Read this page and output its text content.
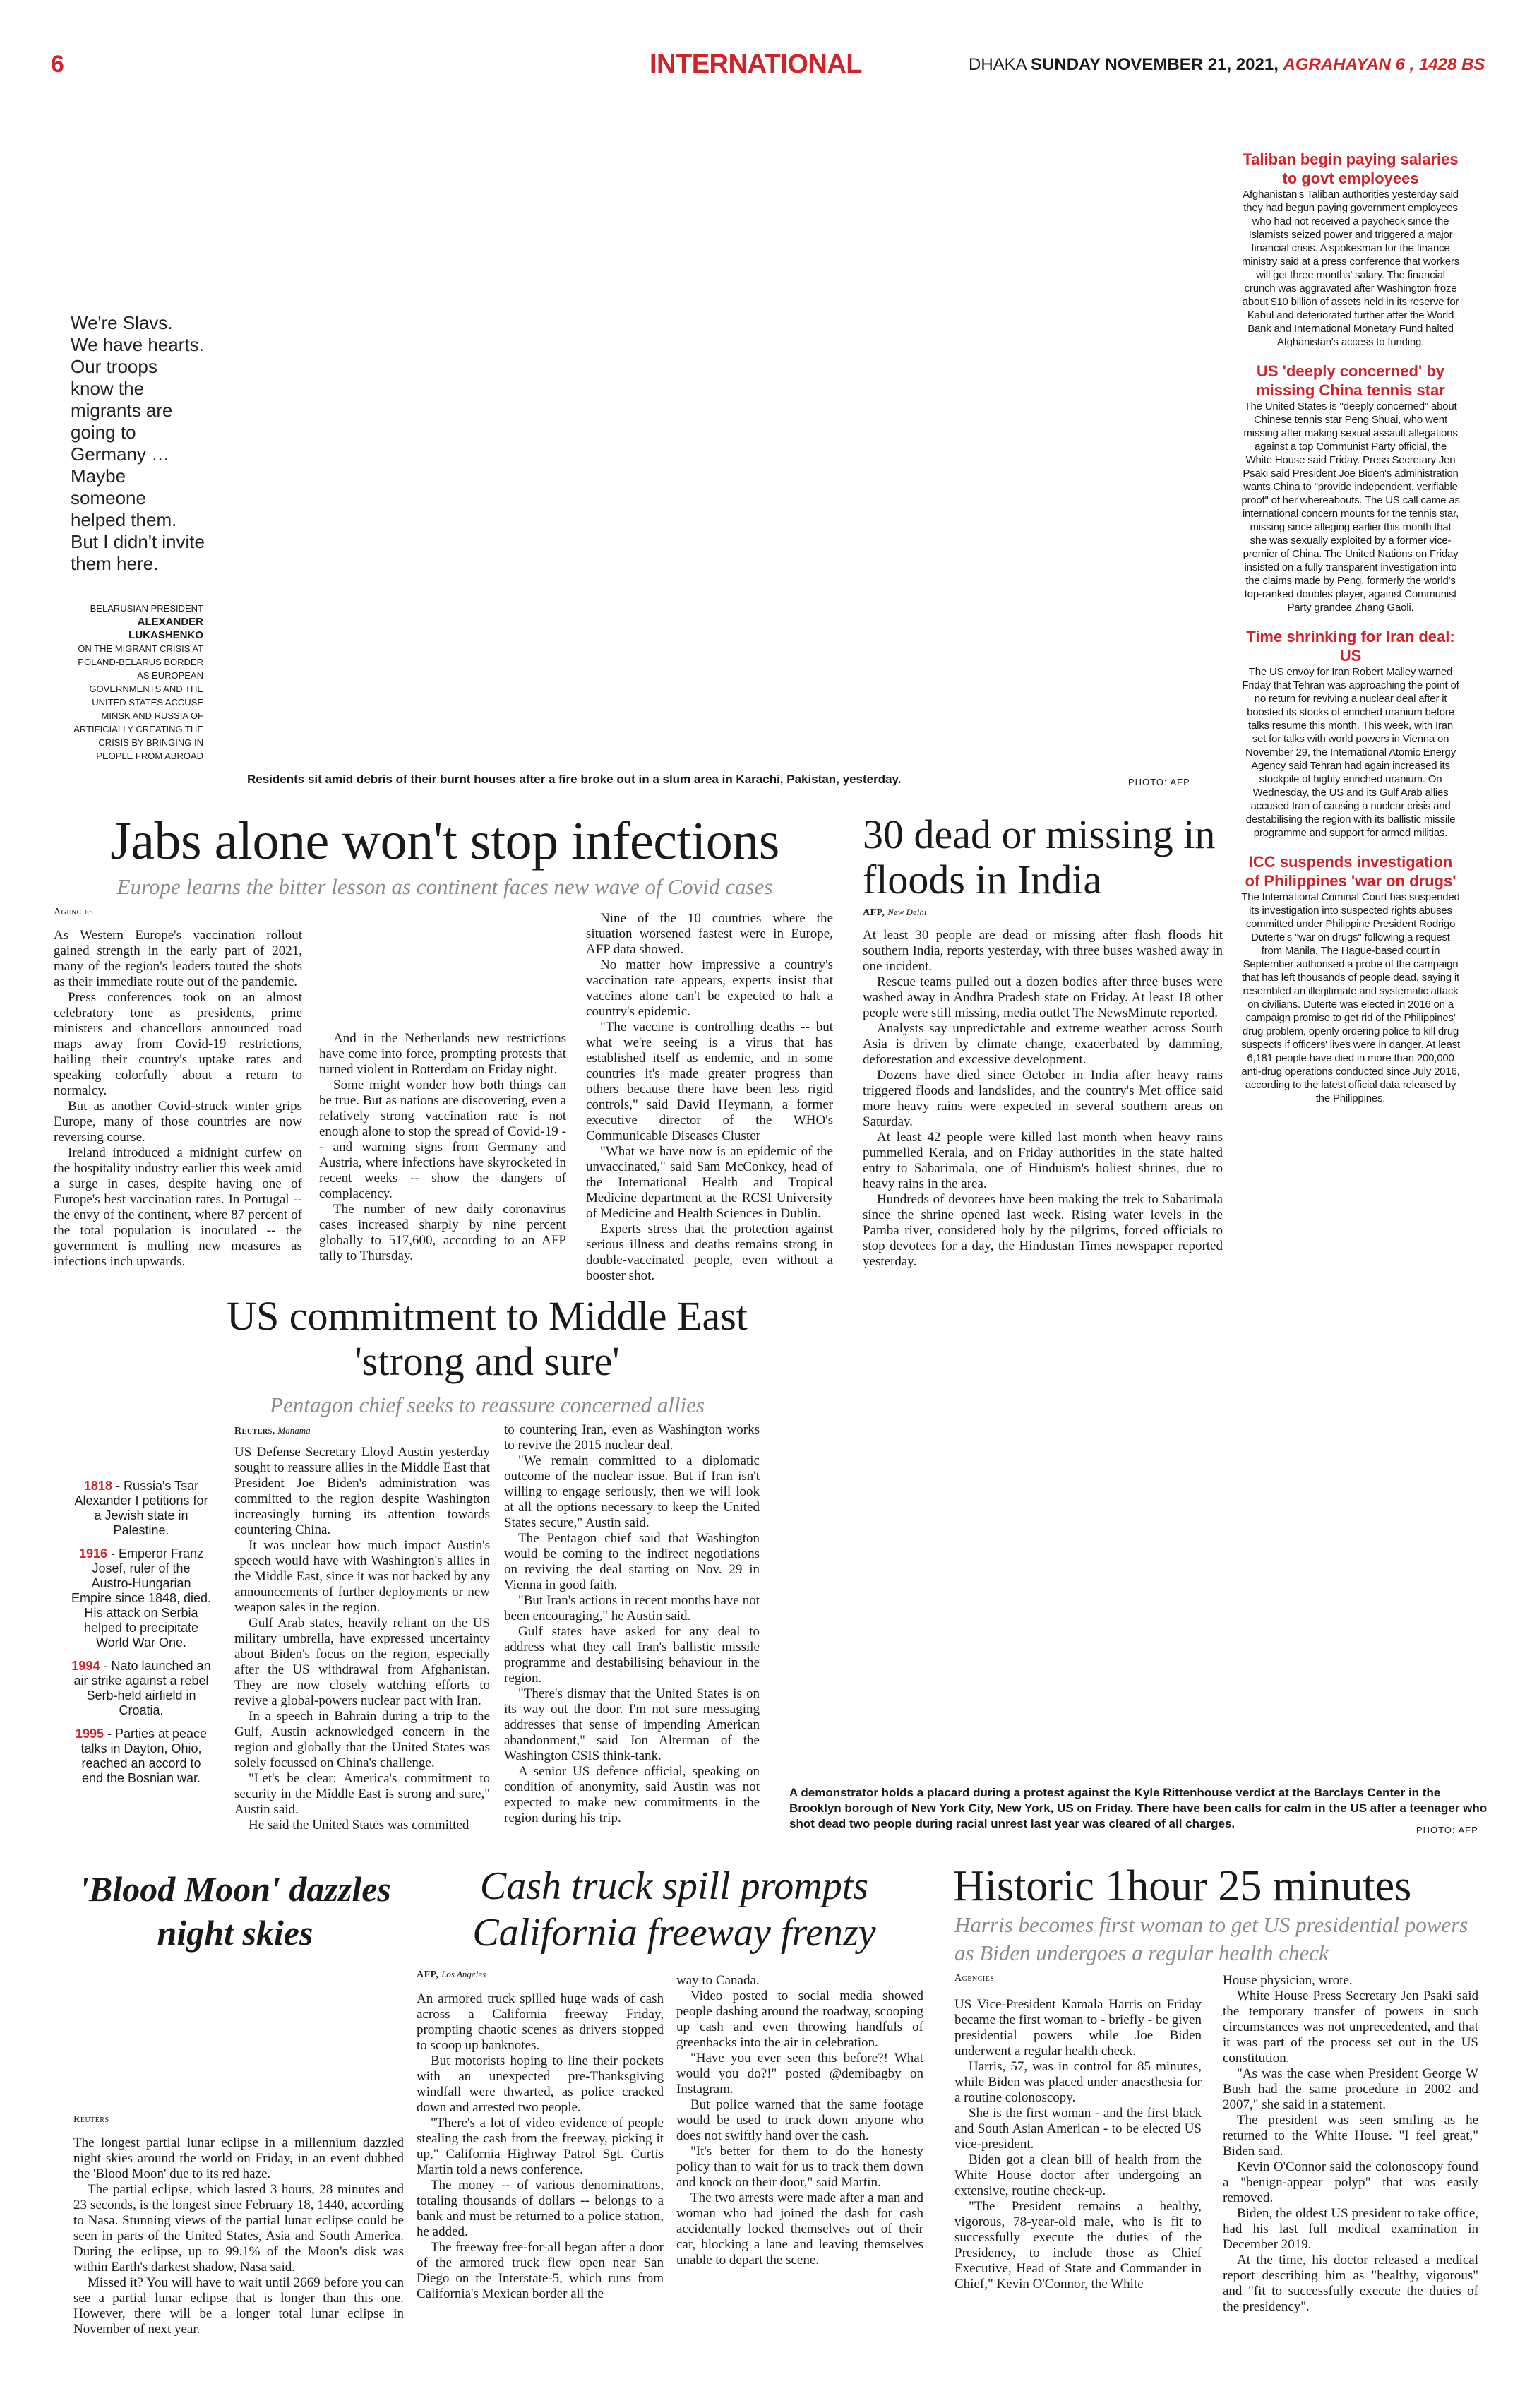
6	INTERNATIONAL	DHAKA SUNDAY NOVEMBER 21, 2021, AGRAHAYAN 6 , 1428 BS
We're Slavs. We have hearts. Our troops know the migrants are going to Germany … Maybe someone helped them. But I didn't invite them here.
BELARUSIAN PRESIDENT
ALEXANDER LUKASHENKO
ON THE MIGRANT CRISIS AT POLAND-BELARUS BORDER AS EUROPEAN GOVERNMENTS AND THE UNITED STATES ACCUSE MINSK AND RUSSIA OF ARTIFICIALLY CREATING THE CRISIS BY BRINGING IN PEOPLE FROM ABROAD
Residents sit amid debris of their burnt houses after a fire broke out in a slum area in Karachi, Pakistan, yesterday.	PHOTO: AFP

Taliban begin paying salaries to govt employees

Afghanistan's Taliban authorities yesterday said they had begun paying government employees who had not received a paycheck since the Islamists seized power and triggered a major financial crisis. A spokesman for the finance ministry said at a press conference that workers will get three months' salary. The financial crunch was aggravated after Washington froze about $10 billion of assets held in its reserve for Kabul and deteriorated further after the World Bank and International Monetary Fund halted Afghanistan's access to funding.

US 'deeply concerned' by missing China tennis star

The United States is "deeply concerned" about Chinese tennis star Peng Shuai, who went missing after making sexual assault allegations against a top Communist Party official, the White House said Friday. Press Secretary Jen Psaki said President Joe Biden's administration wants China to "provide independent, verifiable proof" of her whereabouts. The US call came as international concern mounts for the tennis star, missing since alleging earlier this month that she was sexually exploited by a former vice-premier of China. The United Nations on Friday insisted on a fully transparent investigation into the claims made by Peng, formerly the world's top-ranked doubles player, against Communist Party grandee Zhang Gaoli.

Time shrinking for Iran deal: US

The US envoy for Iran Robert Malley warned Friday that Tehran was approaching the point of no return for reviving a nuclear deal after it boosted its stocks of enriched uranium before talks resume this month. This week, with Iran set for talks with world powers in Vienna on November 29, the International Atomic Energy Agency said Tehran had again increased its stockpile of highly enriched uranium. On Wednesday, the US and its Gulf Arab allies accused Iran of causing a nuclear crisis and destabilising the region with its ballistic missile programme and support for armed militias.

ICC suspends investigation of Philippines 'war on drugs'

The International Criminal Court has suspended its investigation into suspected rights abuses committed under Philippine President Rodrigo Duterte's "war on drugs" following a request from Manila. The Hague-based court in September authorised a probe of the campaign that has left thousands of people dead, saying it resembled an illegitimate and systematic attack on civilians. Duterte was elected in 2016 on a campaign promise to get rid of the Philippines' drug problem, openly ordering police to kill drug suspects if officers' lives were in danger. At least 6,181 people have died in more than 200,000 anti-drug operations conducted since July 2016, according to the latest official data released by the Philippines.

Jabs alone won't stop infections
Europe learns the bitter lesson as continent faces new wave of Covid cases
Agencies

As Western Europe's vaccination rollout gained strength in the early part of 2021, many of the region's leaders touted the shots as their immediate route out of the pandemic.

Press conferences took on an almost celebratory tone as presidents, prime ministers and chancellors announced road maps away from Covid-19 restrictions, hailing their country's uptake rates and speaking colorfully about a return to normalcy.

But as another Covid-struck winter grips Europe, many of those countries are now reversing course.

Ireland introduced a midnight curfew on the hospitality industry earlier this week amid a surge in cases, despite having one of Europe's best vaccination rates. In Portugal -- the envy of the continent, where 87 percent of the total population is inoculated -- the government is mulling new measures as infections inch upwards.

And in the Netherlands new restrictions have come into force, prompting protests that turned violent in Rotterdam on Friday night.

Some might wonder how both things can be true. But as nations are discovering, even a relatively strong vaccination rate is not enough alone to stop the spread of Covid-19 -- and warning signs from Germany and Austria, where infections have skyrocketed in recent weeks -- show the dangers of complacency.

The number of new daily coronavirus cases increased sharply by nine percent globally to 517,600, according to an AFP tally to Thursday.

Nine of the 10 countries where the situation worsened fastest were in Europe, AFP data showed.

No matter how impressive a country's vaccination rate appears, experts insist that vaccines alone can't be expected to halt a country's epidemic.

"The vaccine is controlling deaths -- but what we're seeing is a virus that has established itself as endemic, and in some countries it's made greater progress than others because there have been less rigid controls," said David Heymann, a former executive director of the WHO's Communicable Diseases Cluster

"What we have now is an epidemic of the unvaccinated," said Sam McConkey, head of the International Health and Tropical Medicine department at the RCSI University of Medicine and Health Sciences in Dublin.

Experts stress that the protection against serious illness and deaths remains strong in double-vaccinated people, even without a booster shot.

30 dead or missing in floods in India
AFP, New Delhi

At least 30 people are dead or missing after flash floods hit southern India, reports yesterday, with three buses washed away in one incident.

Rescue teams pulled out a dozen bodies after three buses were washed away in Andhra Pradesh state on Friday. At least 18 other people were still missing, media outlet The NewsMinute reported.

Analysts say unpredictable and extreme weather across South Asia is driven by climate change, exacerbated by damming, deforestation and excessive development.

Dozens have died since October in India after heavy rains triggered floods and landslides, and the country's Met office said more heavy rains were expected in several southern areas on Saturday.

At least 42 people were killed last month when heavy rains pummelled Kerala, and on Friday authorities in the state halted entry to Sabarimala, one of Hinduism's holiest shrines, due to heavy rains in the area.

Hundreds of devotees have been making the trek to Sabarimala since the shrine opened last week. Rising water levels in the Pamba river, considered holy by the pilgrims, forced officials to stop devotees for a day, the Hindustan Times newspaper reported yesterday.

US commitment to Middle East 'strong and sure'
Pentagon chief seeks to reassure concerned allies
Reuters, Manama

US Defense Secretary Lloyd Austin yesterday sought to reassure allies in the Middle East that President Joe Biden's administration was committed to the region despite Washington increasingly turning its attention towards countering China.

It was unclear how much impact Austin's speech would have with Washington's allies in the Middle East, since it was not backed by any announcements of further deployments or new weapon sales in the region.

Gulf Arab states, heavily reliant on the US military umbrella, have expressed uncertainty about Biden's focus on the region, especially after the US withdrawal from Afghanistan. They are now closely watching efforts to revive a global-powers nuclear pact with Iran.

In a speech in Bahrain during a trip to the Gulf, Austin acknowledged concern in the region and globally that the United States was solely focussed on China's challenge.

"Let's be clear: America's commitment to security in the Middle East is strong and sure," Austin said.

He said the United States was committed

to countering Iran, even as Washington works to revive the 2015 nuclear deal.

"We remain committed to a diplomatic outcome of the nuclear issue. But if Iran isn't willing to engage seriously, then we will look at all the options necessary to keep the United States secure," Austin said.

The Pentagon chief said that Washington would be coming to the indirect negotiations on reviving the deal starting on Nov. 29 in Vienna in good faith.

"But Iran's actions in recent months have not been encouraging," he Austin said.

Gulf states have asked for any deal to address what they call Iran's ballistic missile programme and destabilising behaviour in the region.

"There's dismay that the United States is on its way out the door. I'm not sure messaging addresses that sense of impending American abandonment," said Jon Alterman of the Washington CSIS think-tank.

A senior US defence official, speaking on condition of anonymity, said Austin was not expected to make new commitments in the region during his trip.

1818 - Russia's Tsar Alexander I petitions for a Jewish state in Palestine.

1916 - Emperor Franz Josef, ruler of the Austro-Hungarian Empire since 1848, died. His attack on Serbia helped to precipitate World War One.

1994 - Nato launched an air strike against a rebel Serb-held airfield in Croatia.

1995 - Parties at peace talks in Dayton, Ohio, reached an accord to end the Bosnian war.

A demonstrator holds a placard during a protest against the Kyle Rittenhouse verdict at the Barclays Center in the Brooklyn borough of New York City, New York, US on Friday. There have been calls for calm in the US after a teenager who shot dead two people during racial unrest last year was cleared of all charges.	PHOTO: AFP
'Blood Moon' dazzles night skies
Reuters

The longest partial lunar eclipse in a millennium dazzled night skies around the world on Friday, in an event dubbed the 'Blood Moon' due to its red haze.

The partial eclipse, which lasted 3 hours, 28 minutes and 23 seconds, is the longest since February 18, 1440, according to Nasa. Stunning views of the partial lunar eclipse could be seen in parts of the United States, Asia and South America. During the eclipse, up to 99.1% of the Moon's disk was within Earth's darkest shadow, Nasa said.

Missed it? You will have to wait until 2669 before you can see a partial lunar eclipse that is longer than this one. However, there will be a longer total lunar eclipse in November of next year.

Cash truck spill prompts California freeway frenzy
AFP, Los Angeles

An armored truck spilled huge wads of cash across a California freeway Friday, prompting chaotic scenes as drivers stopped to scoop up banknotes.

But motorists hoping to line their pockets with an unexpected pre-Thanksgiving windfall were thwarted, as police cracked down and arrested two people.

"There's a lot of video evidence of people stealing the cash from the freeway, picking it up," California Highway Patrol Sgt. Curtis Martin told a news conference.

The money -- of various denominations, totaling thousands of dollars -- belongs to a bank and must be returned to a police station, he added.

The freeway free-for-all began after a door of the armored truck flew open near San Diego on the Interstate-5, which runs from California's Mexican border all the

way to Canada.

Video posted to social media showed people dashing around the roadway, scooping up cash and even throwing handfuls of greenbacks into the air in celebration.

"Have you ever seen this before?! What would you do?!" posted @demibagby on Instagram.

But police warned that the same footage would be used to track down anyone who does not swiftly hand over the cash.

"It's better for them to do the honesty policy than to wait for us to track them down and knock on their door," said Martin.

The two arrests were made after a man and woman who had joined the dash for cash accidentally locked themselves out of their car, blocking a lane and leaving themselves unable to depart the scene.

Historic 1hour 25 minutes
Harris becomes first woman to get US presidential powers as Biden undergoes a regular health check
Agencies

US Vice-President Kamala Harris on Friday became the first woman to - briefly - be given presidential powers while Joe Biden underwent a regular health check.

Harris, 57, was in control for 85 minutes, while Biden was placed under anaesthesia for a routine colonoscopy.

She is the first woman - and the first black and South Asian American - to be elected US vice-president.

Biden got a clean bill of health from the White House doctor after undergoing an extensive, routine check-up.

"The President remains a healthy, vigorous, 78-year-old male, who is fit to successfully execute the duties of the Presidency, to include those as Chief Executive, Head of State and Commander in Chief," Kevin O'Connor, the White

House physician, wrote.

White House Press Secretary Jen Psaki said the temporary transfer of powers in such circumstances was not unprecedented, and that it was part of the process set out in the US constitution.

"As was the case when President George W Bush had the same procedure in 2002 and 2007," she said in a statement.

The president was seen smiling as he returned to the White House. "I feel great," Biden said.

Kevin O'Connor said the colonoscopy found a "benign-appear polyp" that was easily removed.

Biden, the oldest US president to take office, had his last full medical examination in December 2019.

At the time, his doctor released a medical report describing him as "healthy, vigorous" and "fit to successfully execute the duties of the presidency".
